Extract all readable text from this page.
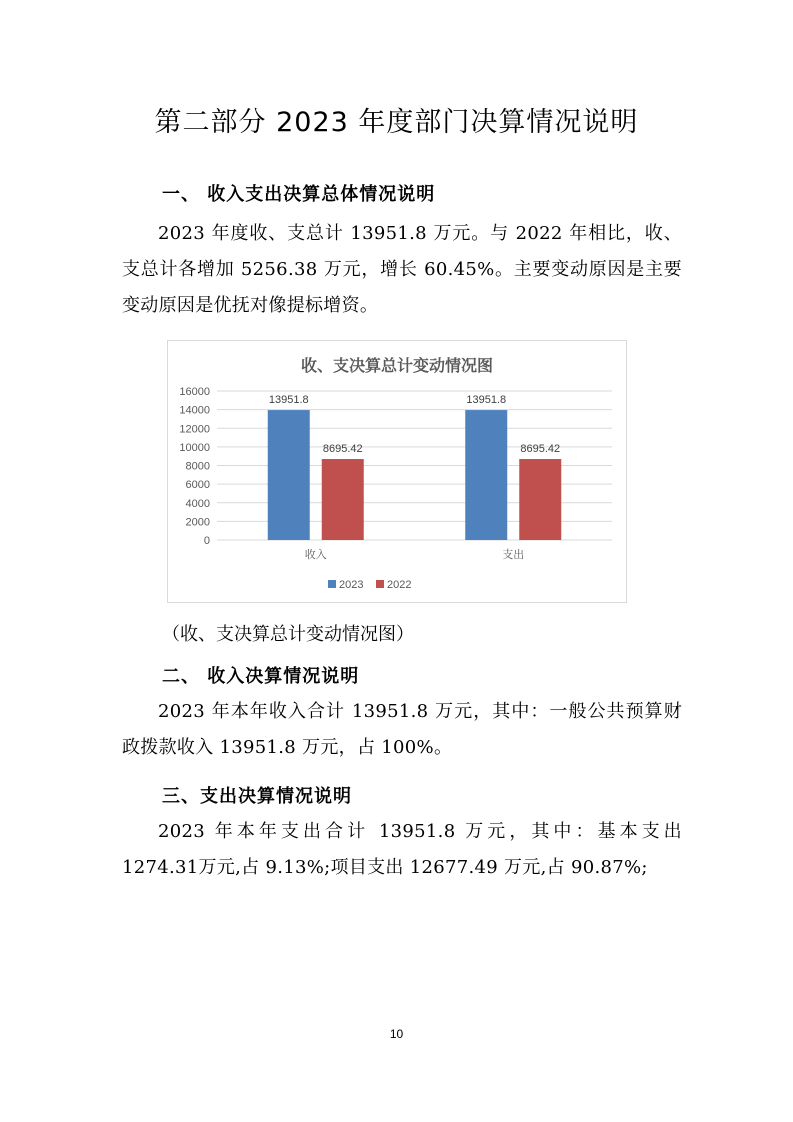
第二部分 2023 年度部门决算情况说明
一、 收入支出决算总体情况说明
2023 年度收、支总计 13951.8 万元。与 2022 年相比，收、支总计各增加 5256.38 万元，增长 60.45%。主要变动原因是主要变动原因是优抚对像提标增资。
收、支决算总计变动情况图
0
2000
4000
6000
8000
10000
12000
14000
16000
13951.8
8695.42
收入
13951.8
8695.42
支出
2023 2022
（收、支决算总计变动情况图）
二、 收入决算情况说明
2023 年本年收入合计 13951.8 万元，其中：一般公共预算财政拨款收入 13951.8 万元，占 100%。
三、支出决算情况说明
2023 年本年支出合计 13951.8 万元，其中：基本支出 1274.31万元,占 9.13%;项目支出 12677.49 万元,占 90.87%;
10
